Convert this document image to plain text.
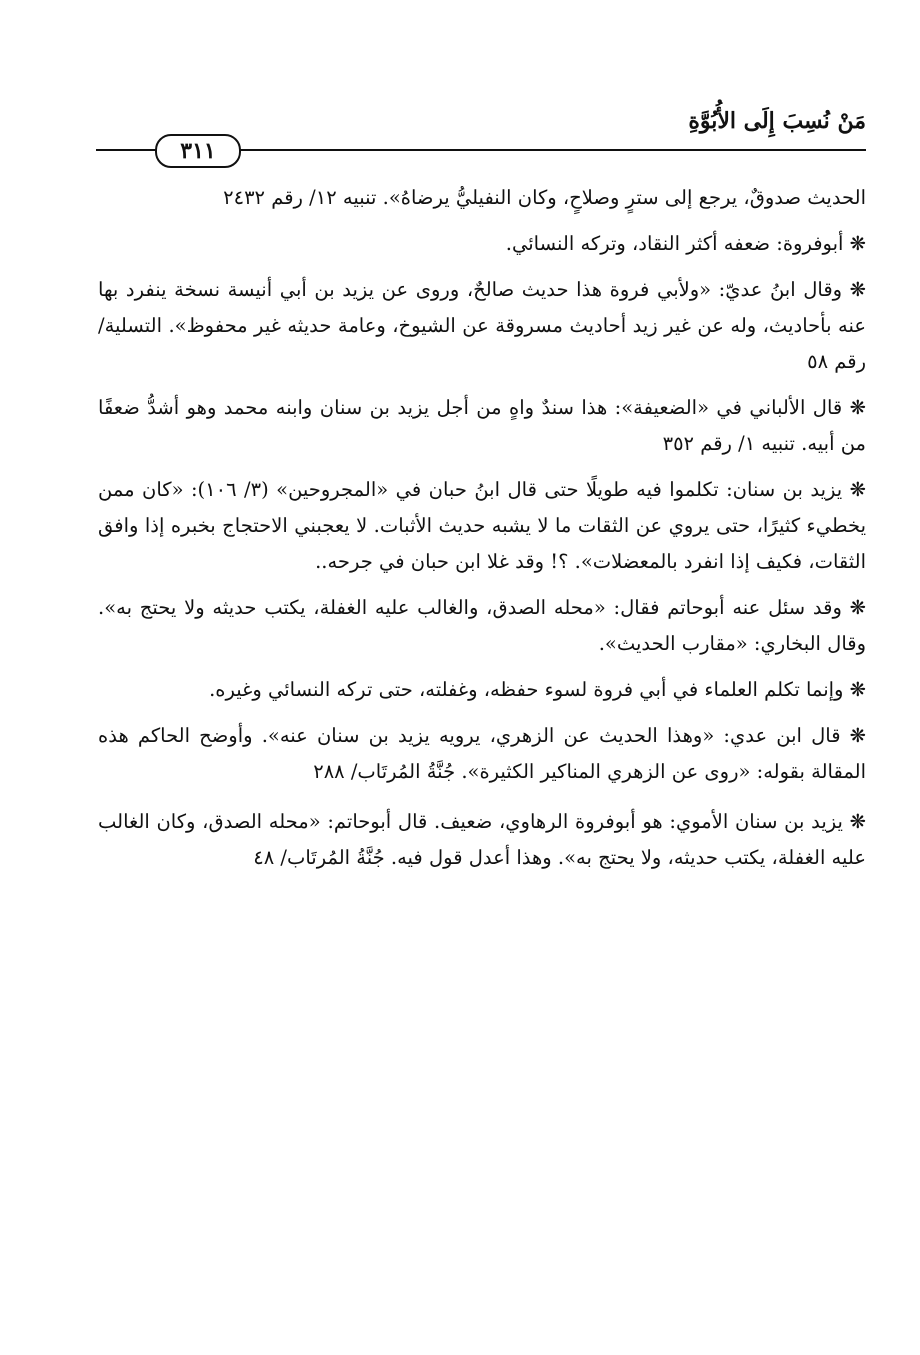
مَنْ نُسِبَ إِلَى الأُبُوَّةِ
٣١١

الحديث صدوقٌ، يرجع إلى سترٍ وصلاحٍ، وكان النفيليُّ يرضاهُ». تنبيه ١٢/ رقم ٢٤٣٢

❋ أبوفروة: ضعفه أكثر النقاد، وتركه النسائي.

❋ وقال ابنُ عديّ: «ولأبي فروة هذا حديث صالحٌ، وروى عن يزيد بن أبي أنيسة نسخة ينفرد بها عنه بأحاديث، وله عن غير زيد أحاديث مسروقة عن الشيوخ، وعامة حديثه غير محفوظ». التسلية/ رقم ٥٨

❋ قال الألباني في «الضعيفة»: هذا سندٌ واهٍ من أجل يزيد بن سنان وابنه محمد وهو أشدُّ ضعفًا من أبيه. تنبيه ١/ رقم ٣٥٢

❋ يزيد بن سنان: تكلموا فيه طويلًا حتى قال ابنُ حبان في «المجروحين» (٣/ ١٠٦): «كان ممن يخطيء كثيرًا، حتى يروي عن الثقات ما لا يشبه حديث الأثبات. لا يعجبني الاحتجاج بخبره إذا وافق الثقات، فكيف إذا انفرد بالمعضلات». ؟! وقد غلا ابن حبان في جرحه..

❋ وقد سئل عنه أبوحاتم فقال: «محله الصدق، والغالب عليه الغفلة، يكتب حديثه ولا يحتج به». وقال البخاري: «مقارب الحديث».

❋ وإنما تكلم العلماء في أبي فروة لسوء حفظه، وغفلته، حتى تركه النسائي وغيره.

❋ قال ابن عدي: «وهذا الحديث عن الزهري، يرويه يزيد بن سنان عنه». وأوضح الحاكم هذه المقالة بقوله: «روى عن الزهري المناكير الكثيرة». جُنَّةُ المُرتَاب/ ٢٨٨

❋ يزيد بن سنان الأموي: هو أبوفروة الرهاوي، ضعيف. قال أبوحاتم: «محله الصدق، وكان الغالب عليه الغفلة، يكتب حديثه، ولا يحتج به». وهذا أعدل قول فيه. جُنَّةُ المُرتَاب/ ٤٨
